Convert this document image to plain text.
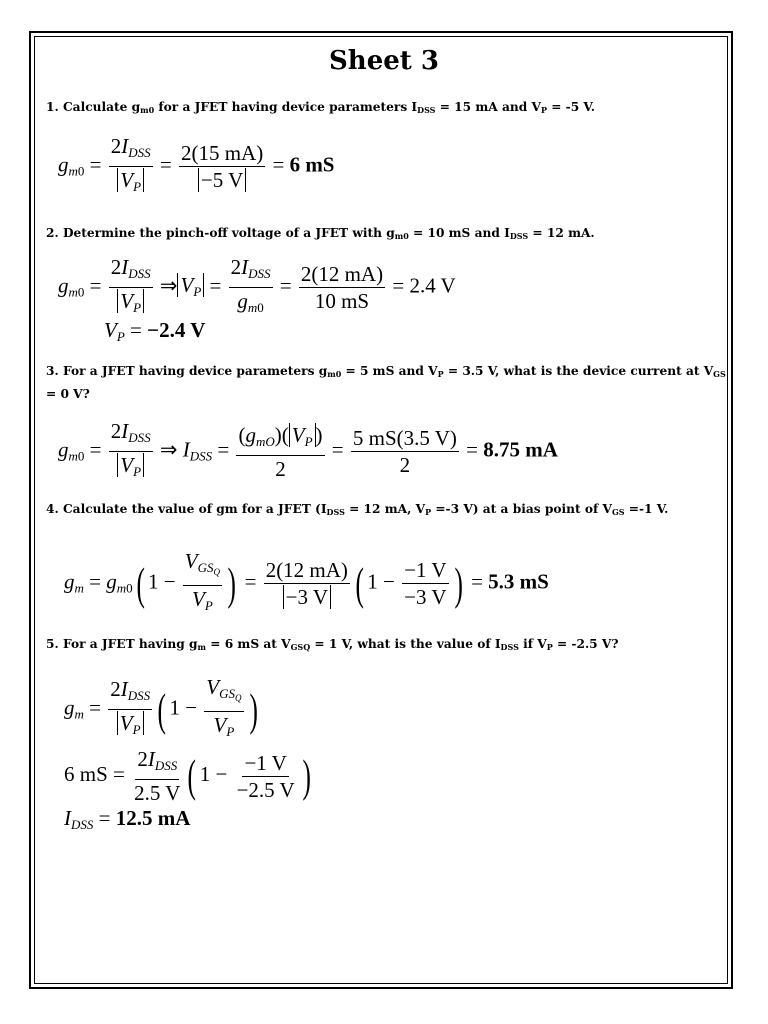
Sheet 3
1. Calculate $g_{m0}$ for a JFET having device parameters $I_{DSS} = 15$ mA and $V_P = -5$ V.
$g_{m0} = \frac{2I_{DSS}}{V_P} = \frac{2(15 mA)}{-5 V} = 6$ mS
2. Determine the pinch-off voltage of a JFET with $g_{m0} = 10$ mS and $I_{DSS} = 12$ mA.
$g_{m0} = \frac{2I_{DSS}}{V_P}$ ⇒ $V_P = \frac{2I_{DSS}}{g_{m0}} = \frac{2(12 mA)}{10 mS} = 2.4$ V
$V_P = -2.4$ V
3. For a JFET having device parameters $g_{m0} = 5$ mS and $V_P = 3.5$ V, what is the device current at $V_{GS} = 0$ V?
$g_{m0} = \frac{2I_{DSS}}{V_P}$ ⇒ $I_{DSS} = \frac{(g_{mO})( V_P )}{2} = \frac{5 mS(3.5 V)}{2} = 8.75$ mA
4. Calculate the value of gm for a JFET ($I_{DSS} = 12$ mA, $V_P =-3$ V) at a bias point of $V_{GS} =-1$ V.
$g_m = g_{m0}$( $1 - \frac{V_{GS_Q}}{V_P}$ ) = $\frac{2(12 mA)}{-3 V}$ ( $1 - \frac{-1 V}{-3 V}$ ) = 5.3 mS
5. For a JFET having $g_m = 6$ mS at $V_{GSQ} = 1$ V, what is the value of $I_{DSS}$ if $V_P = -2.5$ V?
$g_m = \frac{2I_{DSS}}{V_P}$ ( $1 - \frac{V_{GS_Q}}{V_P}$ )
6 mS = $\frac{2I_{DSS}}{2.5 V}$ ( $1 - \frac{-1 V}{-2.5 V}$ )
$I_{DSS} = 12.5$ mA
